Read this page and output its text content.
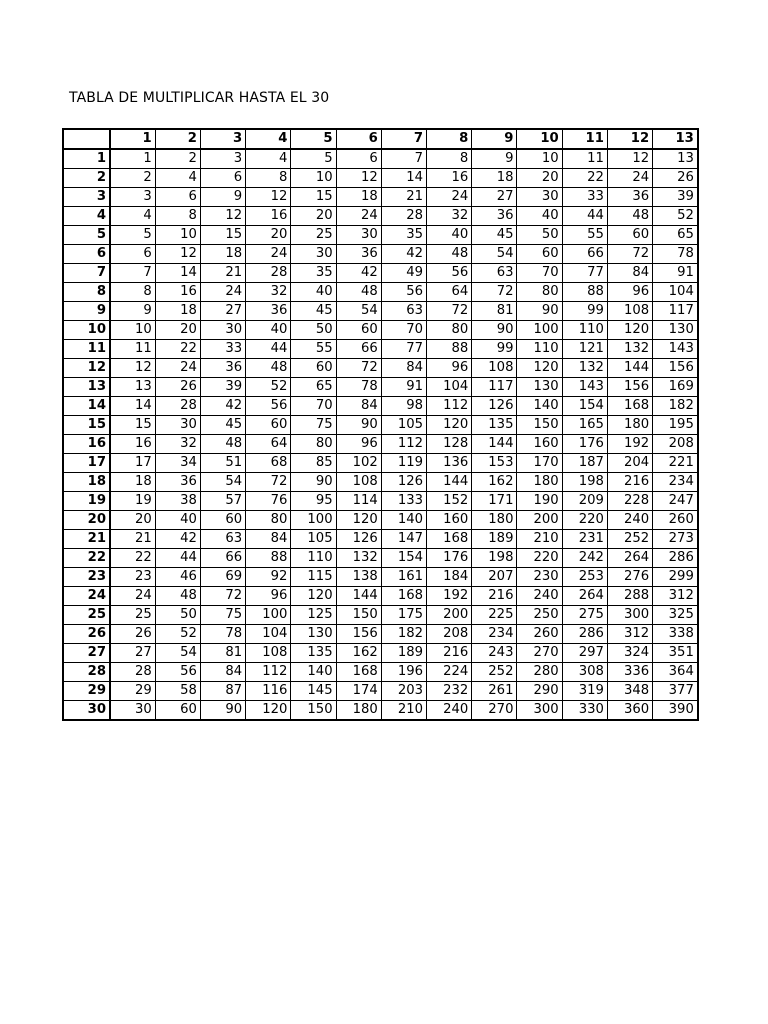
TABLA DE MULTIPLICAR HASTA EL 30
	1	2	3	4	5	6	7	8	9	10	11	12	13
1	1	2	3	4	5	6	7	8	9	10	11	12	13
2	2	4	6	8	10	12	14	16	18	20	22	24	26
3	3	6	9	12	15	18	21	24	27	30	33	36	39
4	4	8	12	16	20	24	28	32	36	40	44	48	52
5	5	10	15	20	25	30	35	40	45	50	55	60	65
6	6	12	18	24	30	36	42	48	54	60	66	72	78
7	7	14	21	28	35	42	49	56	63	70	77	84	91
8	8	16	24	32	40	48	56	64	72	80	88	96	104
9	9	18	27	36	45	54	63	72	81	90	99	108	117
10	10	20	30	40	50	60	70	80	90	100	110	120	130
11	11	22	33	44	55	66	77	88	99	110	121	132	143
12	12	24	36	48	60	72	84	96	108	120	132	144	156
13	13	26	39	52	65	78	91	104	117	130	143	156	169
14	14	28	42	56	70	84	98	112	126	140	154	168	182
15	15	30	45	60	75	90	105	120	135	150	165	180	195
16	16	32	48	64	80	96	112	128	144	160	176	192	208
17	17	34	51	68	85	102	119	136	153	170	187	204	221
18	18	36	54	72	90	108	126	144	162	180	198	216	234
19	19	38	57	76	95	114	133	152	171	190	209	228	247
20	20	40	60	80	100	120	140	160	180	200	220	240	260
21	21	42	63	84	105	126	147	168	189	210	231	252	273
22	22	44	66	88	110	132	154	176	198	220	242	264	286
23	23	46	69	92	115	138	161	184	207	230	253	276	299
24	24	48	72	96	120	144	168	192	216	240	264	288	312
25	25	50	75	100	125	150	175	200	225	250	275	300	325
26	26	52	78	104	130	156	182	208	234	260	286	312	338
27	27	54	81	108	135	162	189	216	243	270	297	324	351
28	28	56	84	112	140	168	196	224	252	280	308	336	364
29	29	58	87	116	145	174	203	232	261	290	319	348	377
30	30	60	90	120	150	180	210	240	270	300	330	360	390
